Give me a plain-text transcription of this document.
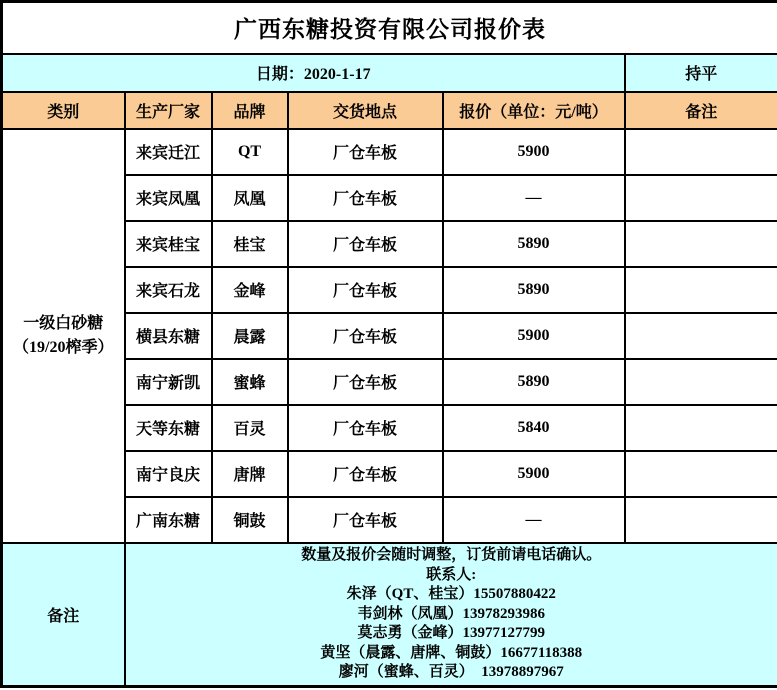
广西东糖投资有限公司报价表					
日期：2020-1-17					持平
类别	生产厂家	品牌	交货地点	报价（单位：元/吨）	备注

一级白砂糖
（19/20榨季）	来宾迁江	QT	厂仓车板	5900	
	来宾凤凰	凤凰	厂仓车板	—	
	来宾桂宝	桂宝	厂仓车板	5890	
	来宾石龙	金峰	厂仓车板	5890	
	横县东糖	晨露	厂仓车板	5900	
	南宁新凯	蜜蜂	厂仓车板	5890	
	天等东糖	百灵	厂仓车板	5840	
	南宁良庆	唐牌	厂仓车板	5900	
	广南东糖	铜鼓	厂仓车板	—	
备注	
数量及报价会随时调整，订货前请电话确认。
联系人:
朱泽（QT、桂宝）15507880422
韦剑林（凤凰）13978293986
莫志勇（金峰）13977127799
黄坚（晨露、唐牌、铜鼓）16677118388
廖河（蜜蜂、百灵）  13978897967
